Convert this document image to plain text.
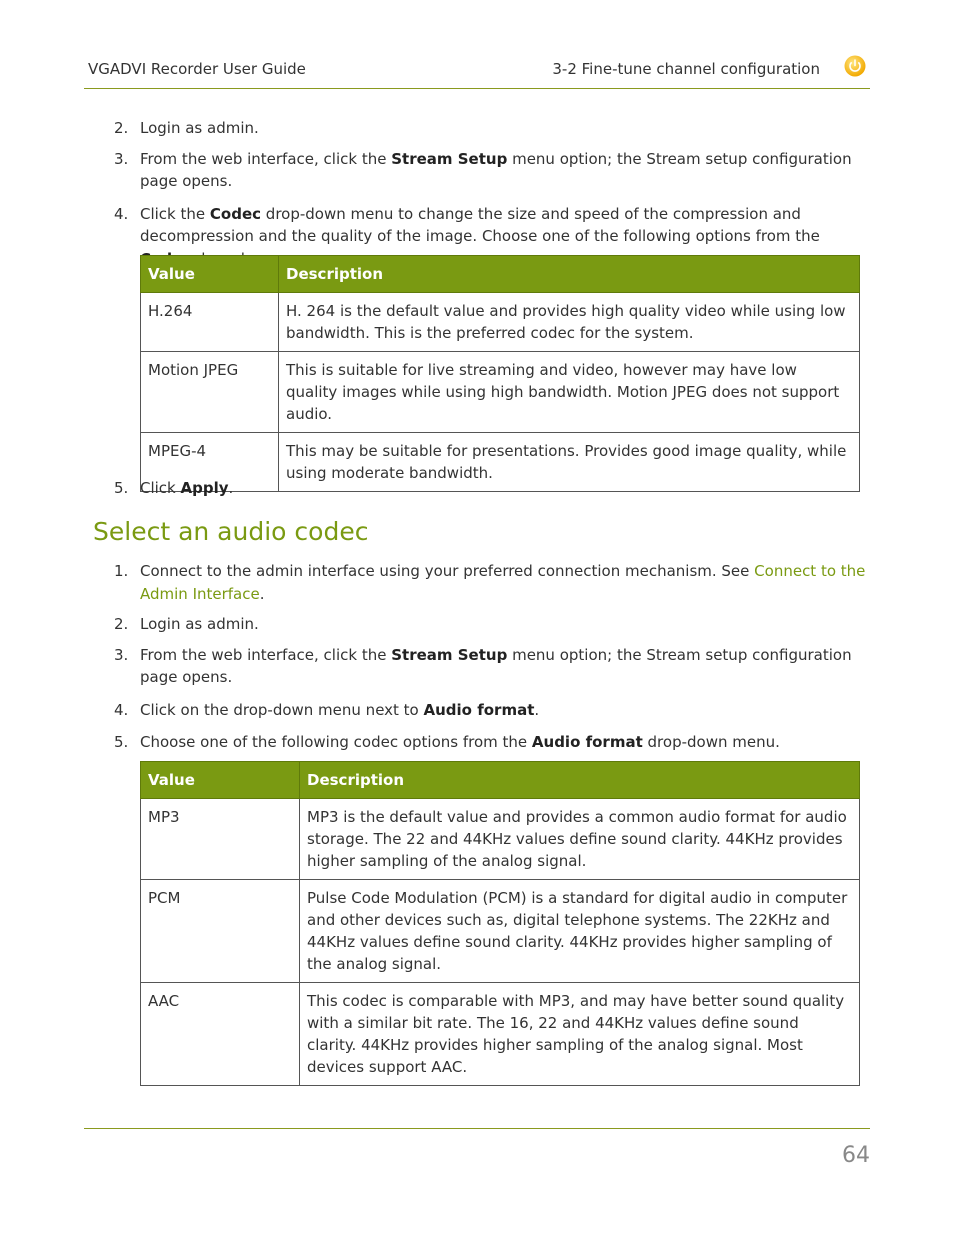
VGADVI Recorder User Guide	3-2 Fine-tune channel configuration
2. Login as admin.
3. From the web interface, click the Stream Setup menu option; the Stream setup configuration page opens.
4. Click the Codec drop-down menu to change the size and speed of the compression and decompression and the quality of the image. Choose one of the following options from the
Value	Description
H.264	H. 264 is the default value and provides high quality video while using low bandwidth. This is the preferred codec for the system.
Motion JPEG	This is suitable for live streaming and video, however may have low quality images while using high bandwidth. Motion JPEG does not support audio.
MPEG-4	This may be suitable for presentations. Provides good image quality, while using moderate bandwidth.
5. Click Apply.
Select an audio codec
1. Connect to the admin interface using your preferred connection mechanism. See Connect to the Admin Interface.
2. Login as admin.
3. From the web interface, click the Stream Setup menu option; the Stream setup configuration page opens.
4. Click on the drop-down menu next to Audio format.
5. Choose one of the following codec options from the Audio format drop-down menu.
Value	Description
MP3	MP3 is the default value and provides a common audio format for audio storage. The 22 and 44KHz values define sound clarity. 44KHz provides higher sampling of the analog signal.
PCM	Pulse Code Modulation (PCM) is a standard for digital audio in computer and other devices such as, digital telephone systems. The 22KHz and 44KHz values define sound clarity. 44KHz provides higher sampling of the analog signal.
AAC	This codec is comparable with MP3, and may have better sound quality with a similar bit rate. The 16, 22 and 44KHz values define sound clarity. 44KHz provides higher sampling of the analog signal. Most devices support AAC.
64
